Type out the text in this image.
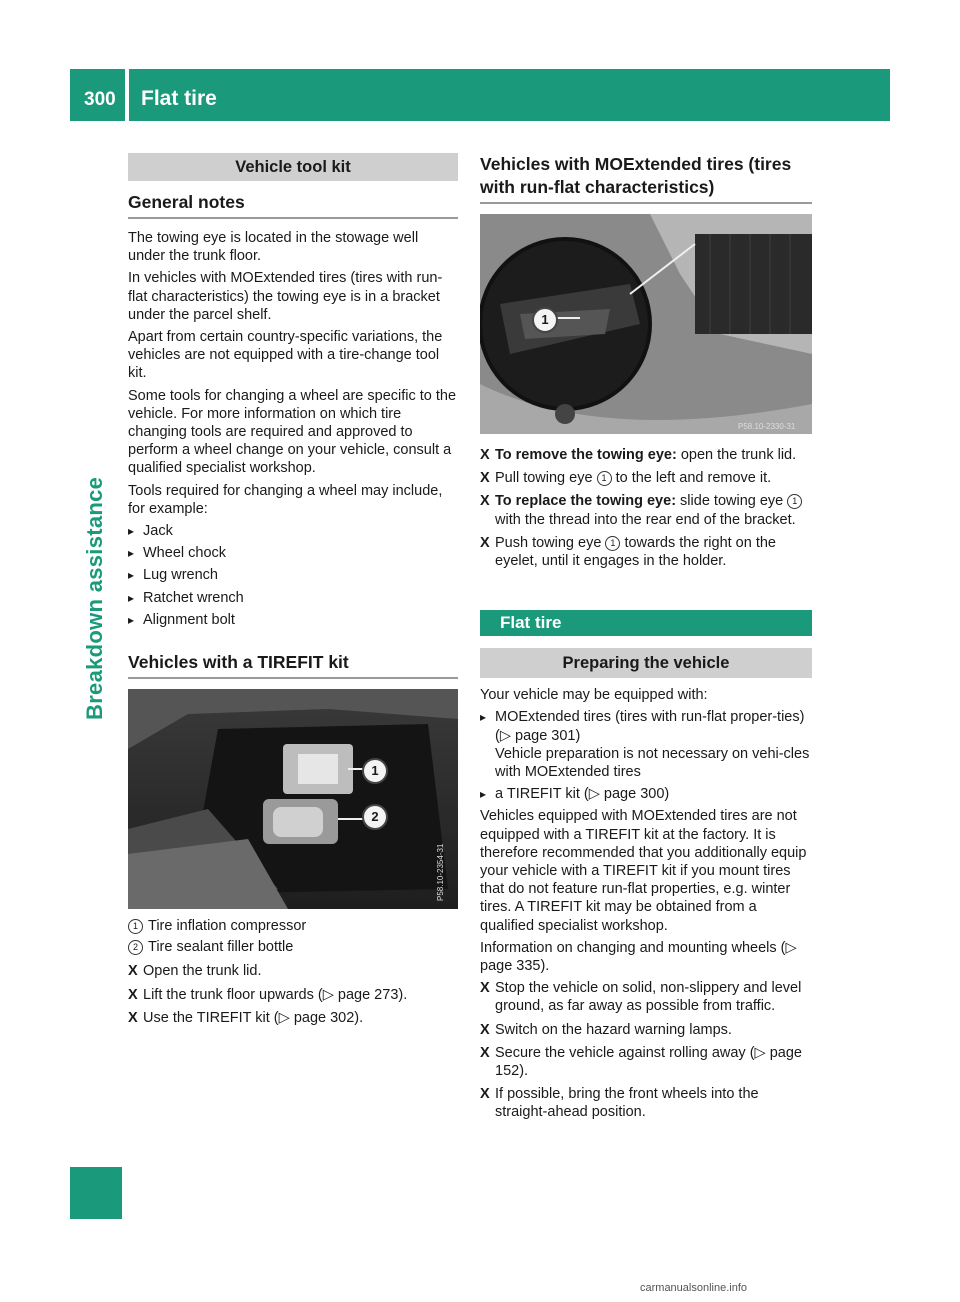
300 Flat tire
Breakdown assistance
Vehicle tool kit
General notes

The towing eye is located in the stowage well under the trunk floor.

In vehicles with MOExtended tires (tires with run-flat characteristics) the towing eye is in a bracket under the parcel shelf.

Apart from certain country-specific variations, the vehicles are not equipped with a tire-change tool kit.

Some tools for changing a wheel are specific to the vehicle. For more information on which tire changing tools are required and approved to perform a wheel change on your vehicle, consult a qualified specialist workshop.

Tools required for changing a wheel may include, for example:

▸ Jack
▸ Wheel chock
▸ Lug wrench
▸ Ratchet wrench
▸ Alignment bolt
Vehicles with a TIREFIT kit
1
2
P58.10-2354-31
1 Tire inflation compressor
2 Tire sealant filler bottle
X Open the trunk lid.
X Lift the trunk floor upwards (▷ page 273).
X Use the TIREFIT kit (▷ page 302).
Vehicles with MOExtended tires (tires with run-flat characteristics)
1
P58.10-2330-31
X To remove the towing eye: open the trunk lid.
X Pull towing eye 1 to the left and remove it.
X To replace the towing eye: slide towing eye 1 with the thread into the rear end of the bracket.
X Push towing eye 1 towards the right on the eyelet, until it engages in the holder.
Flat tire
Preparing the vehicle

Your vehicle may be equipped with:

▸ MOExtended tires (tires with run-flat proper-ties) (▷ page 301)

Vehicle preparation is not necessary on vehi-cles with MOExtended tires

▸ a TIREFIT kit (▷ page 300)

Vehicles equipped with MOExtended tires are not equipped with a TIREFIT kit at the factory. It is therefore recommended that you additionally equip your vehicle with a TIREFIT kit if you mount tires that do not feature run-flat properties, e.g. winter tires. A TIREFIT kit may be obtained from a qualified specialist workshop.

Information on changing and mounting wheels (▷ page 335).

X Stop the vehicle on solid, non-slippery and level ground, as far away as possible from traffic.
X Switch on the hazard warning lamps.
X Secure the vehicle against rolling away (▷ page 152).
X If possible, bring the front wheels into the straight-ahead position.
carmanualsonline.info
